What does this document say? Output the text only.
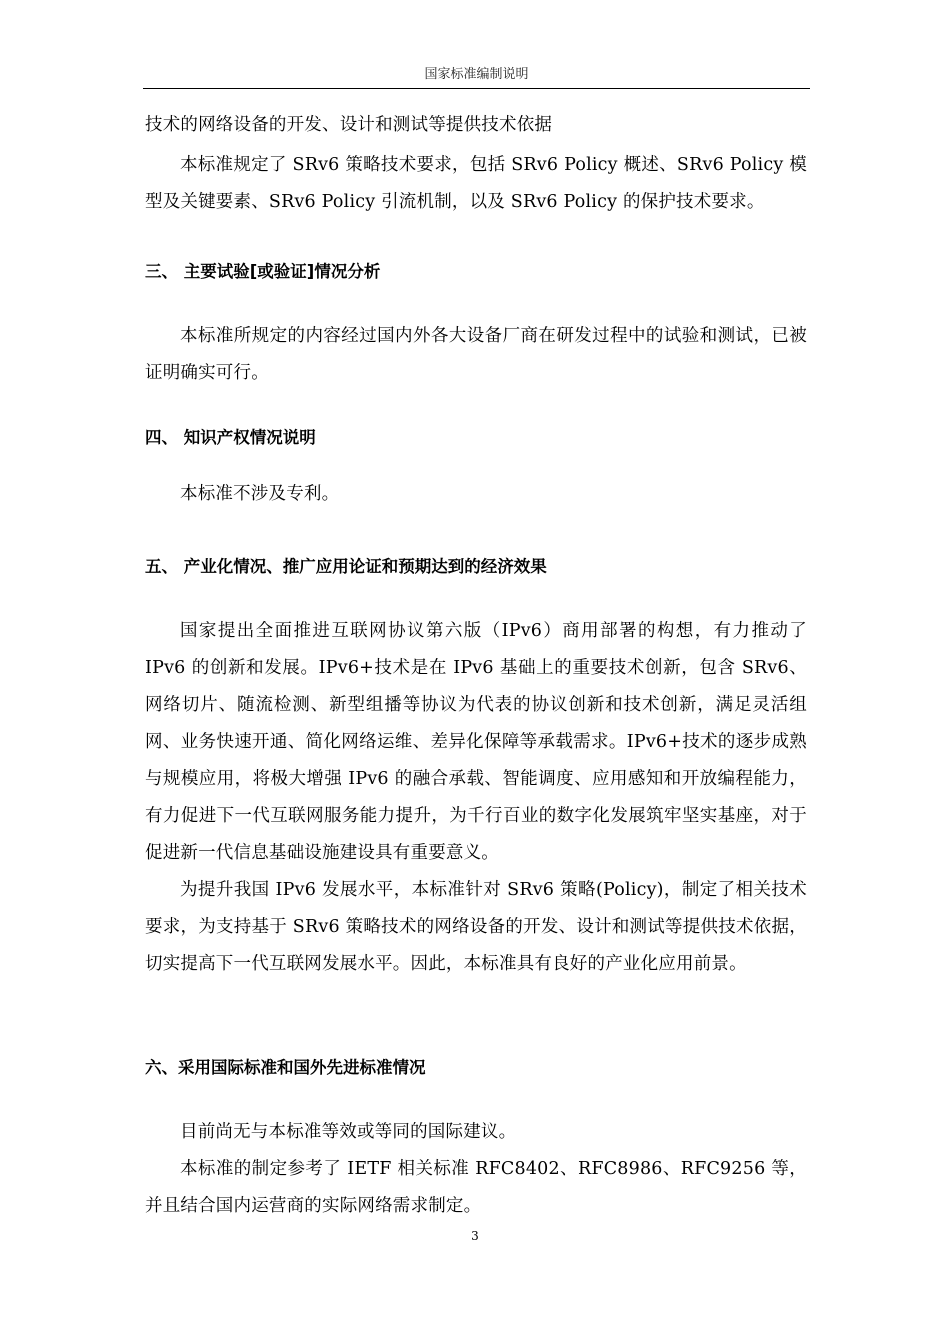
国家标准编制说明

技术的网络设备的开发、设计和测试等提供技术依据

本标准规定了 SRv6 策略技术要求，包括 SRv6 Policy 概述、SRv6 Policy 模型及关键要素、SRv6 Policy 引流机制，以及 SRv6 Policy 的保护技术要求。

三、 主要试验[或验证]情况分析

本标准所规定的内容经过国内外各大设备厂商在研发过程中的试验和测试，已被证明确实可行。

四、 知识产权情况说明

本标准不涉及专利。

五、 产业化情况、推广应用论证和预期达到的经济效果

国家提出全面推进互联网协议第六版（IPv6）商用部署的构想，有力推动了 IPv6 的创新和发展。IPv6+技术是在 IPv6 基础上的重要技术创新，包含 SRv6、网络切片、随流检测、新型组播等协议为代表的协议创新和技术创新，满足灵活组网、业务快速开通、简化网络运维、差异化保障等承载需求。IPv6+技术的逐步成熟与规模应用，将极大增强 IPv6 的融合承载、智能调度、应用感知和开放编程能力，有力促进下一代互联网服务能力提升，为千行百业的数字化发展筑牢坚实基座，对于促进新一代信息基础设施建设具有重要意义。

为提升我国 IPv6 发展水平，本标准针对 SRv6 策略(Policy)，制定了相关技术要求，为支持基于 SRv6 策略技术的网络设备的开发、设计和测试等提供技术依据，切实提高下一代互联网发展水平。因此，本标准具有良好的产业化应用前景。

六、采用国际标准和国外先进标准情况

目前尚无与本标准等效或等同的国际建议。

本标准的制定参考了 IETF 相关标准 RFC8402、RFC8986、RFC9256 等，并且结合国内运营商的实际网络需求制定。

3
